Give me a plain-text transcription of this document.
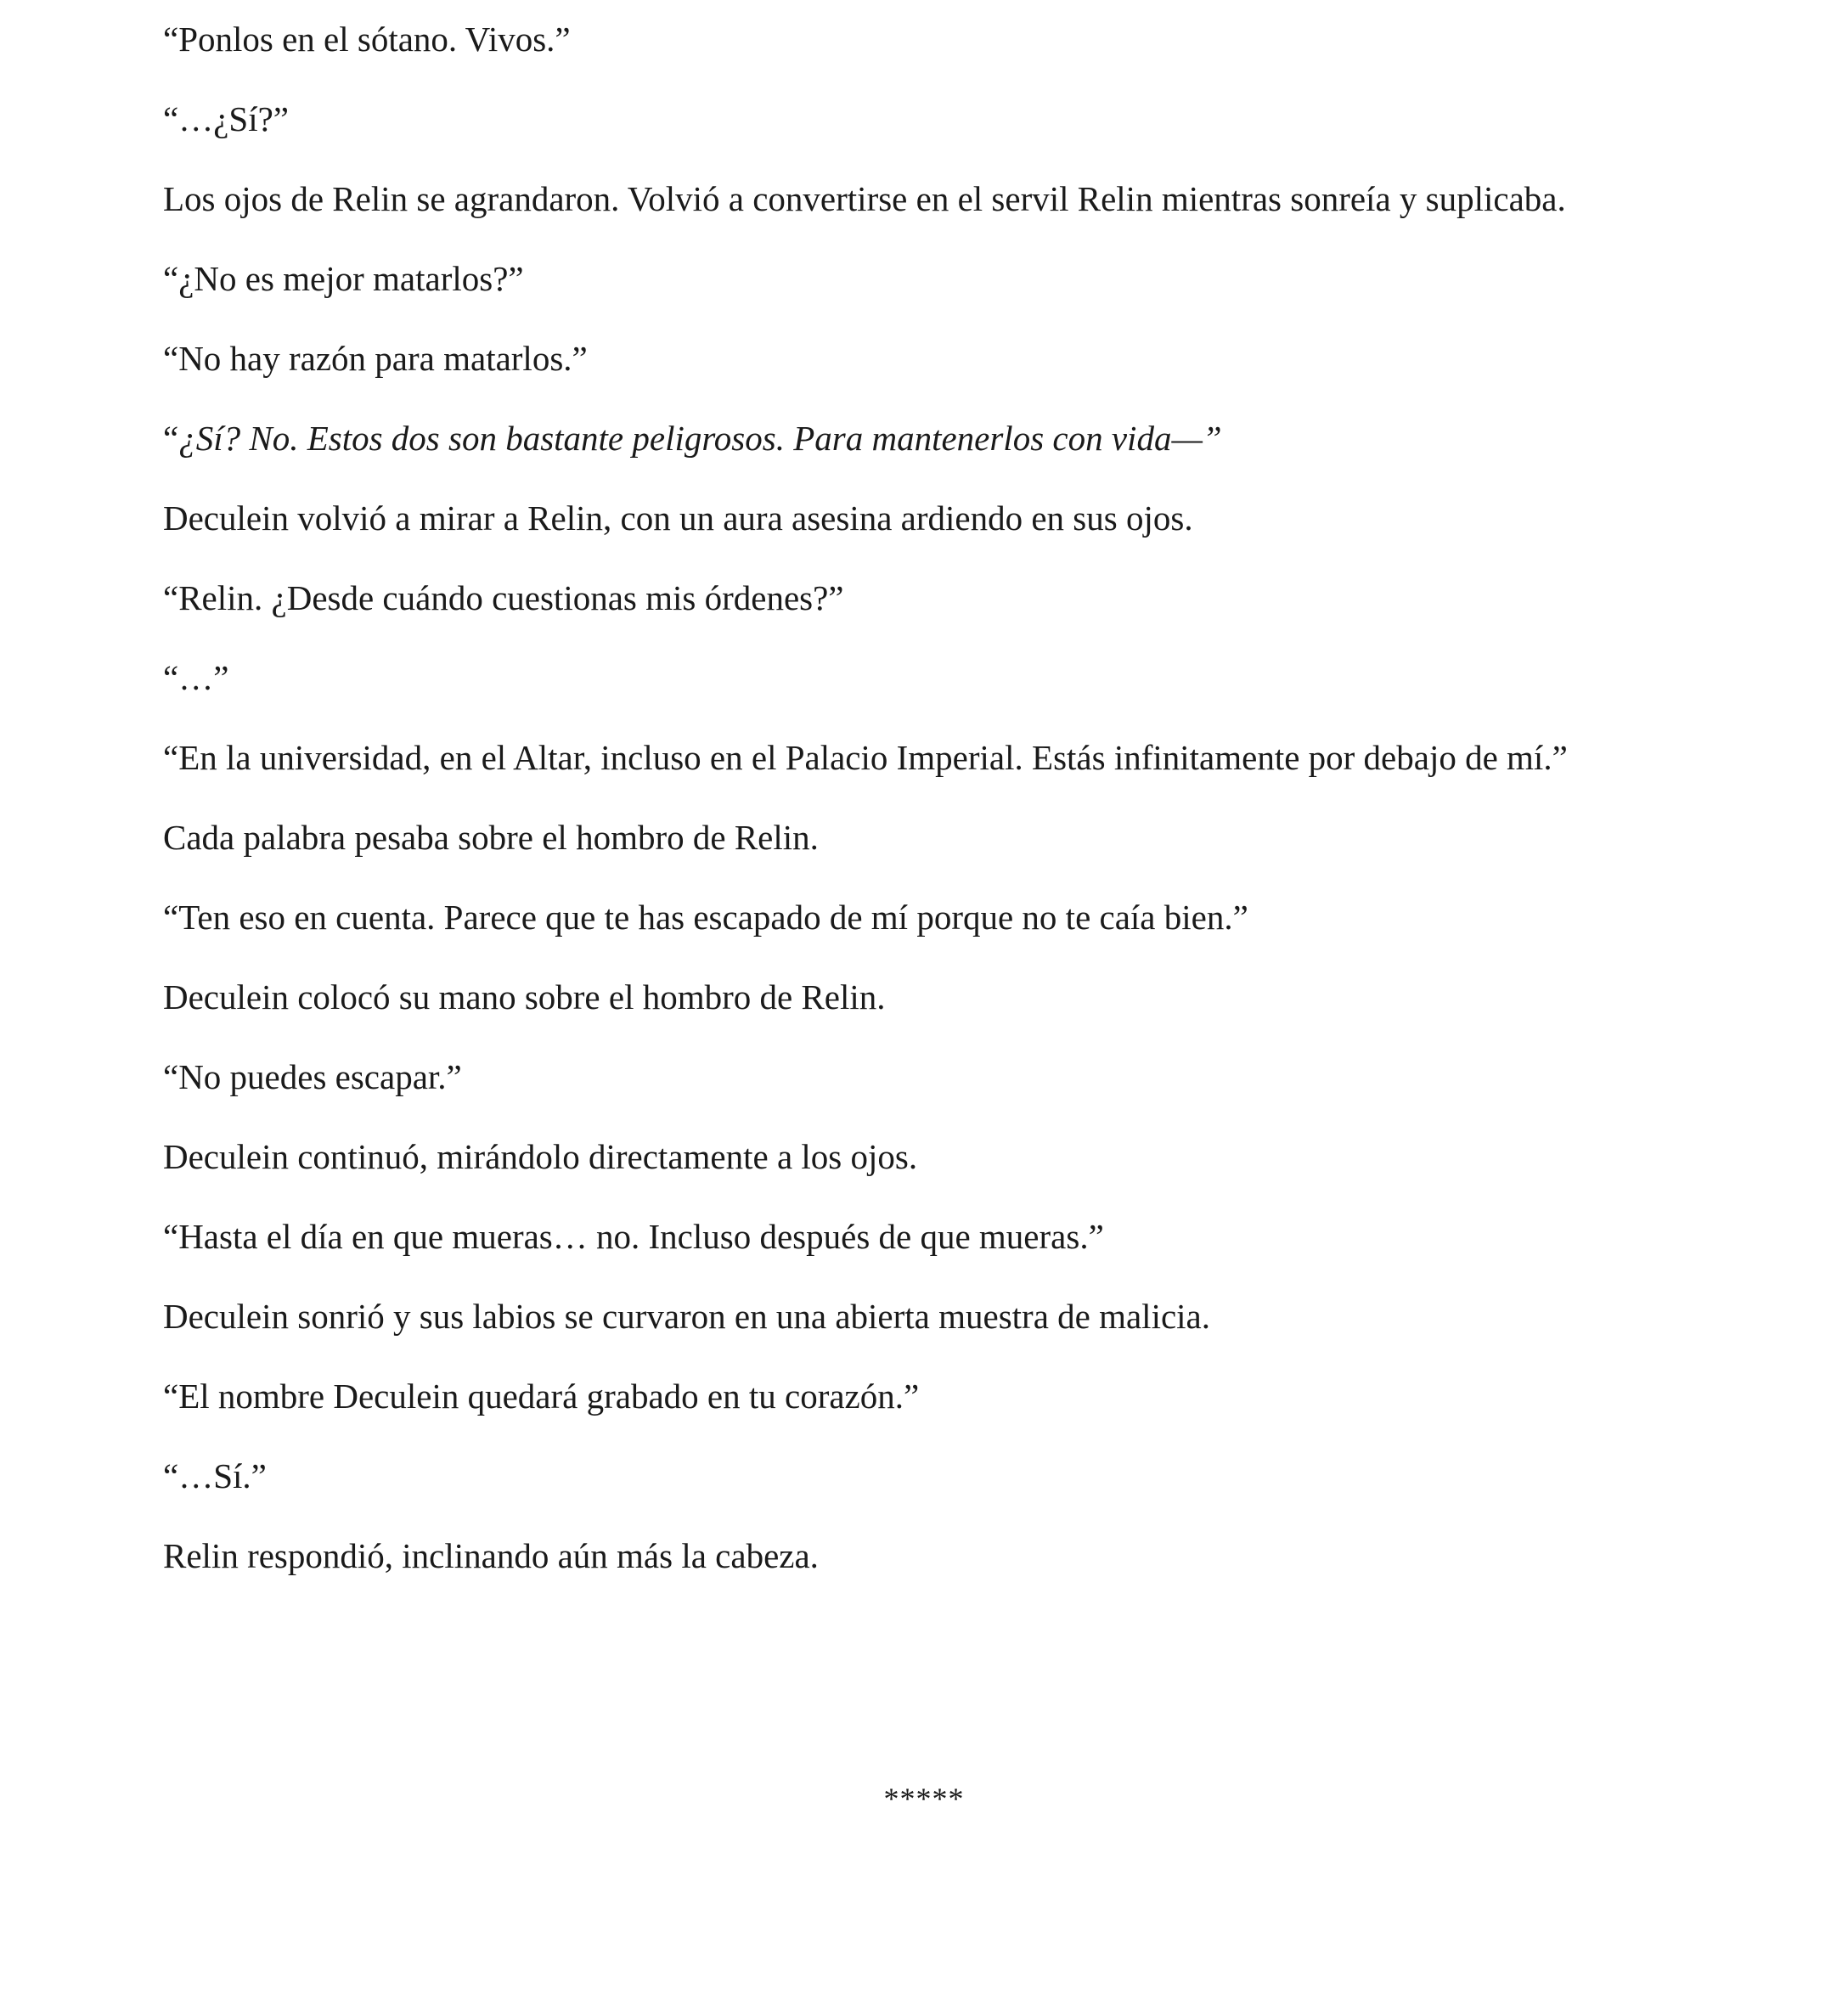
“Ponlos en el sótano. Vivos.”

“…¿Sí?”

Los ojos de Relin se agrandaron. Volvió a convertirse en el servil Relin mientras sonreía y suplicaba.

“¿No es mejor matarlos?”

“No hay razón para matarlos.”

“¿Sí? No. Estos dos son bastante peligrosos. Para mantenerlos con vida—”

Deculein volvió a mirar a Relin, con un aura asesina ardiendo en sus ojos.

“Relin. ¿Desde cuándo cuestionas mis órdenes?”

“…”

“En la universidad, en el Altar, incluso en el Palacio Imperial. Estás infinitamente por debajo de mí.”

Cada palabra pesaba sobre el hombro de Relin.

“Ten eso en cuenta. Parece que te has escapado de mí porque no te caía bien.”

Deculein colocó su mano sobre el hombro de Relin.

“No puedes escapar.”

Deculein continuó, mirándolo directamente a los ojos.

“Hasta el día en que mueras… no. Incluso después de que mueras.”

Deculein sonrió y sus labios se curvaron en una abierta muestra de malicia.

“El nombre Deculein quedará grabado en tu corazón.”

“…Sí.”

Relin respondió, inclinando aún más la cabeza.

*****
